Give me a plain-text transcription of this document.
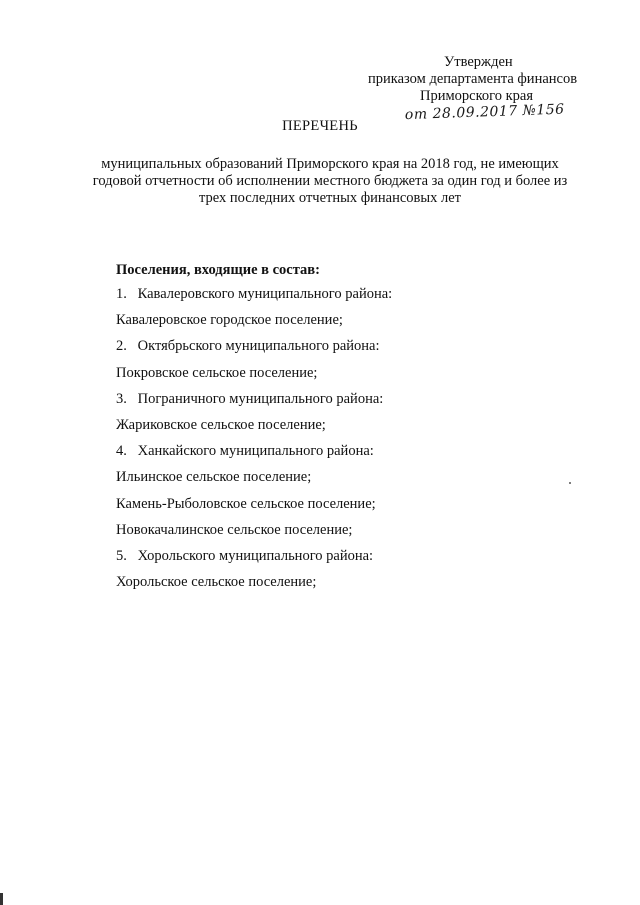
Утвержден
приказом департамента финансов
Приморского края
от 28.09.2017 №156
ПЕРЕЧЕНЬ
муниципальных образований Приморского края на 2018 год, не имеющих
годовой отчетности об исполнении местного бюджета за один год и более из
трех последних отчетных финансовых лет
Поселения, входящие в состав:
1. Кавалеровского муниципального района:
Кавалеровское городское поселение;
2. Октябрьского муниципального района:
Покровское сельское поселение;
3. Пограничного муниципального района:
Жариковское сельское поселение;
4. Ханкайского муниципального района:
Ильинское сельское поселение;
Камень-Рыболовское сельское поселение;
Новокачалинское сельское поселение;
5. Хорольского муниципального района:
Хорольское сельское поселение;
